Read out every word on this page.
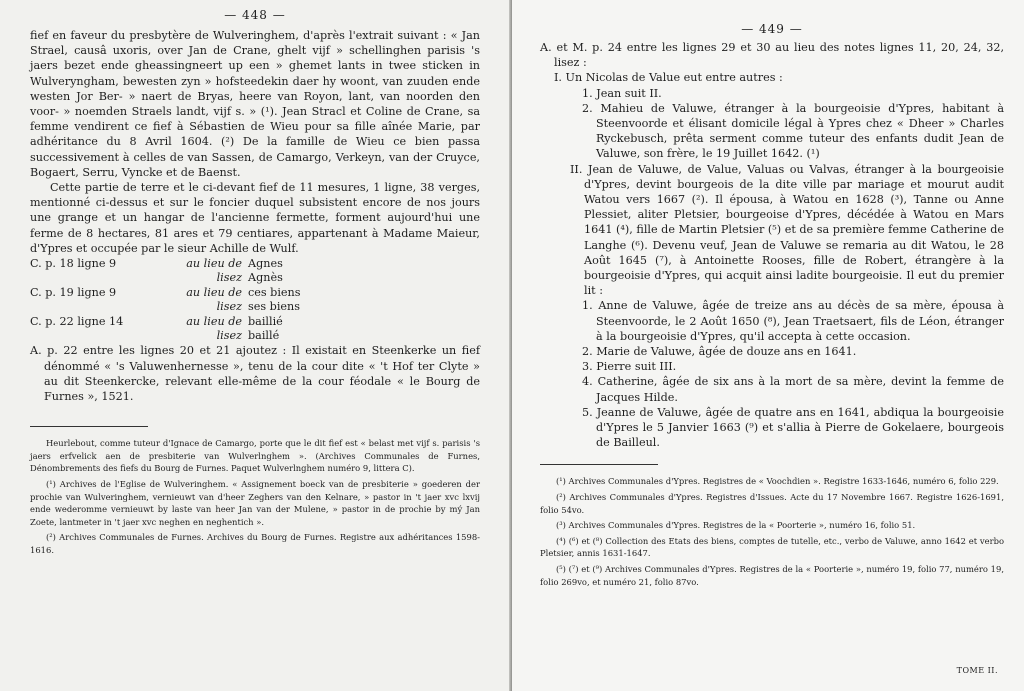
— 448 —

fief en faveur du presbytère de Wulveringhem, d'après l'extrait suivant : « Jan Strael, causâ uxoris, over Jan de Crane, ghelt vijf » schellinghen parisis 's jaers bezet ende gheassingneert up een » ghemet lants in twee sticken in Wulveryngham, bewesten zyn » hofsteedekin daer hy woont, van zuuden ende westen Jor Ber- » naert de Bryas, heere van Royon, lant, van noorden den voor- » noemden Straels landt, vijf s. » (¹). Jean Stracl et Coline de Crane, sa femme vendirent ce fief à Sébastien de Wieu pour sa fille aînée Marie, par adhéritance du 8 Avril 1604. (²) De la famille de Wieu ce bien passa successivement à celles de van Sassen, de Camargo, Verkeyn, van der Cruyce, Bogaert, Serru, Vyncke et de Baenst.

Cette partie de terre et le ci-devant fief de 11 mesures, 1 ligne, 38 verges, mentionné ci-dessus et sur le foncier duquel subsistent encore de nos jours une grange et un hangar de l'ancienne fermette, forment aujourd'hui une ferme de 8 hectares, 81 ares et 79 centiares, appartenant à Madame Maieur, d'Ypres et occupée par le sieur Achille de Wulf.

C. p. 18 ligne 9	au lieu de Agnes
lisez Agnès
C. p. 19 ligne 9	au lieu de ces biens
lisez ses biens
C. p. 22 ligne 14	au lieu de baillié
lisez baillé

A. p. 22 entre les lignes 20 et 21 ajoutez : Il existait en Steenkerke un fief dénommé « 's Valuwenhernesse », tenu de la cour dite « 't Hof ter Clyte » au dit Steenkercke, relevant elle-même de la cour féodale « le Bourg de Furnes », 1521.

Heurlebout, comme tuteur d'Ignace de Camargo, porte que le dit fief est « belast met vijf s. parisis 's jaers erfvelick aen de presbiterie van Wulverlnghem ». (Archives Communales de Furnes, Dénombrements des fiefs du Bourg de Furnes. Paquet Wulverlnghem numéro 9, littera C).

(¹) Archives de l'Eglise de Wulveringhem. « Assignement boeck van de presbiterie » goederen der prochie van Wulveringhem, vernieuwt van d'heer Zeghers van den Kelnare, » pastor in 't jaer xvc lxvij ende wederomme vernieuwt by laste van heer Jan van der Mulene, » pastor in de prochie by mý Jan Zoete, lantmeter in 't jaer xvc neghen en neghentich ».

(²) Archives Communales de Furnes. Archives du Bourg de Furnes. Registre aux adhéritances 1598-1616.

— 449 —

A. et M. p. 24 entre les lignes 29 et 30 au lieu des notes lignes 11, 20, 24, 32, lisez :

I. Un Nicolas de Value eut entre autres :

1. Jean suit II.

2. Mahieu de Valuwe, étranger à la bourgeoisie d'Ypres, habitant à Steenvoorde et élisant domicile légal à Ypres chez « Dheer » Charles Ryckebusch, prêta serment comme tuteur des enfants dudit Jean de Valuwe, son frère, le 19 Juillet 1642. (¹)

II. Jean de Valuwe, de Value, Valuas ou Valvas, étranger à la bourgeoisie d'Ypres, devint bourgeois de la dite ville par mariage et mourut audit Watou vers 1667 (²). Il épousa, à Watou en 1628 (³), Tanne ou Anne Plessiet, aliter Pletsier, bourgeoise d'Ypres, décédée à Watou en Mars 1641 (⁴), fille de Martin Pletsier (⁵) et de sa première femme Catherine de Langhe (⁶). Devenu veuf, Jean de Valuwe se remaria au dit Watou, le 28 Août 1645 (⁷), à Antoinette Rooses, fille de Robert, étrangère à la bourgeoisie d'Ypres, qui acquit ainsi ladite bourgeoisie. Il eut du premier lit :

1. Anne de Valuwe, âgée de treize ans au décès de sa mère, épousa à Steenvoorde, le 2 Août 1650 (⁸), Jean Traetsaert, fils de Léon, étranger à la bourgeoisie d'Ypres, qu'il accepta à cette occasion.

2. Marie de Valuwe, âgée de douze ans en 1641.

3. Pierre suit III.

4. Catherine, âgée de six ans à la mort de sa mère, devint la femme de Jacques Hilde.

5. Jeanne de Valuwe, âgée de quatre ans en 1641, abdiqua la bourgeoisie d'Ypres le 5 Janvier 1663 (⁹) et s'allia à Pierre de Gokelaere, bourgeois de Bailleul.

(¹) Archives Communales d'Ypres. Registres de « Voochdien ». Registre 1633-1646, numéro 6, folio 229.

(²) Archives Communales d'Ypres. Registres d'Issues. Acte du 17 Novembre 1667. Registre 1626-1691, folio 54vo.

(³) Archives Communales d'Ypres. Registres de la « Poorterie », numéro 16, folio 51.

(⁴) (⁶) et (⁸) Collection des Etats des biens, comptes de tutelle, etc., verbo de Valuwe, anno 1642 et verbo Pletsier, annis 1631-1647.

(⁵) (⁷) et (⁹) Archives Communales d'Ypres. Registres de la « Poorterie », numéro 19, folio 77, numéro 19, folio 269vo, et numéro 21, folio 87vo.

TOME II.
